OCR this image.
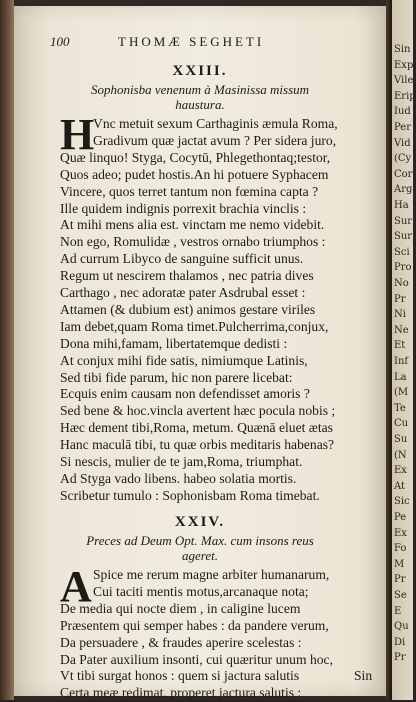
100	THOMÆ SEGHETI
XXIII.
Sophonisba venenum à Masinissa missum
haustura.
H
Vnc metuit sexum Carthaginis æmula Roma,
Gradivum quæ jactat avum ? Per sidera juro,
Quæ linquo! Styga, Cocytū, Phlegethontaq;testor,
Quos adeo; pudet hostis.An hi potuere Syphacem
Vincere, quos terret tantum non fœmina capta ?
Ille quidem indignis porrexit brachia vinclis :
At mihi mens alia est. vinctam me nemo videbit.
Non ego, Romulidæ , vestros ornabo triumphos :
Ad currum Libyco de sanguine sufficit unus.
Regum ut nescirem thalamos , nec patria dives
Carthago , nec adoratæ pater Asdrubal esset :
Attamen (& dubium est) animos gestare viriles
Iam debet,quam Roma timet.Pulcherrima,conjux,
Dona mihi,famam, libertatemque dedisti :
At conjux mihi fide satis, nimiumque Latinis,
Sed tibi fide parum, hic non parere licebat:
Ecquis enim causam non defendisset amoris ?
Sed bene & hoc.vincla avertent hæc pocula nobis ;
Hæc dement tibi,Roma, metum. Quænā eluet ætas
Hanc maculā tibi, tu quæ orbis meditaris habenas?
Si nescis, mulier de te jam,Roma, triumphat.
Ad Styga vado libens. habeo solatia mortis.
Scribetur tumulo : Sophonisbam Roma timebat.
XXIV.
Preces ad Deum Opt. Max. cum insons reus
ageret.
A Spice me rerum magne arbiter humanarum,
Cui taciti mentis motus,arcanaque nota;
De media qui nocte diem , in caligine lucem
Præsentem qui semper habes : da pandere verum,
Da persuadere , & fraudes aperire scelestas :
Da Pater auxilium insonti, cui quæritur unum hoc,
Vt tibi surgat honos : quem si jactura salutis
Certa meæ redimat, properet jactura salutis :
Sin
Sin
Exp
Vile
Erip
Iud
Per
Vid
(Cy
Cor
Arg
Ha
Sur
Sur
Sci
Pro
No
Pr
Ni
Ne
Et
Inf
La
(M
Te
Cu
Su
(N
Ex
At
Sic
Pe
Ex
Fo
M
Pr
Se
E
Qu
Di
Pr
